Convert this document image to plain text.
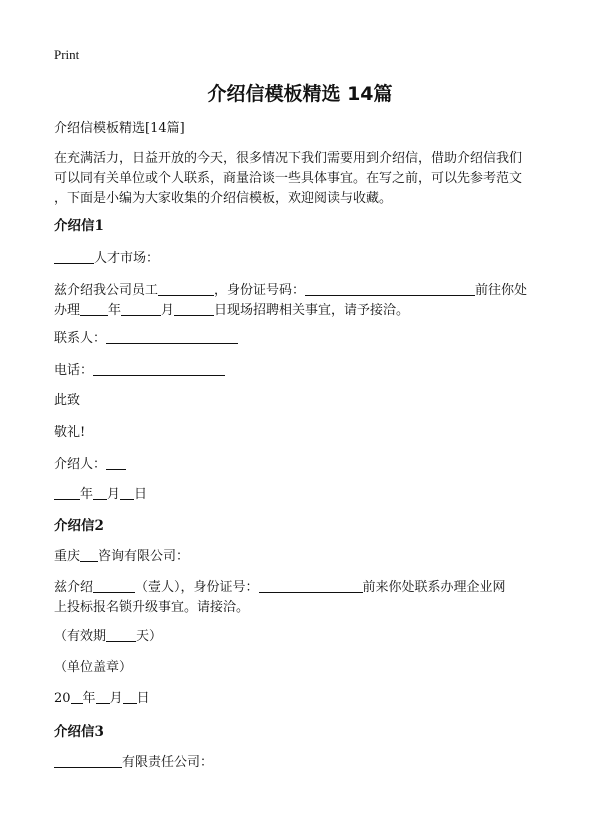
Print
介绍信模板精选 14篇
介绍信模板精选[14篇]
在充满活力，日益开放的今天，很多情况下我们需要用到介绍信，借助介绍信我们
可以同有关单位或个人联系，商量洽谈一些具体事宜。在写之前，可以先参考范文
，下面是小编为大家收集的介绍信模板，欢迎阅读与收藏。
介绍信1
人才市场：
兹介绍我公司员工	，身份证号码：	前往你处
办理 年	月	日现场招聘相关事宜，请予接洽。
联系人：
电话：
此致
敬礼!
介绍人：
年 月 日
介绍信2
重庆 咨询有限公司：
兹介绍	（壹人），身份证号：	前来你处联系办理企业网
上投标报名锁升级事宜。请接洽。
（有效期 天）
（单位盖章）
20 年 月 日
介绍信3
有限责任公司：
